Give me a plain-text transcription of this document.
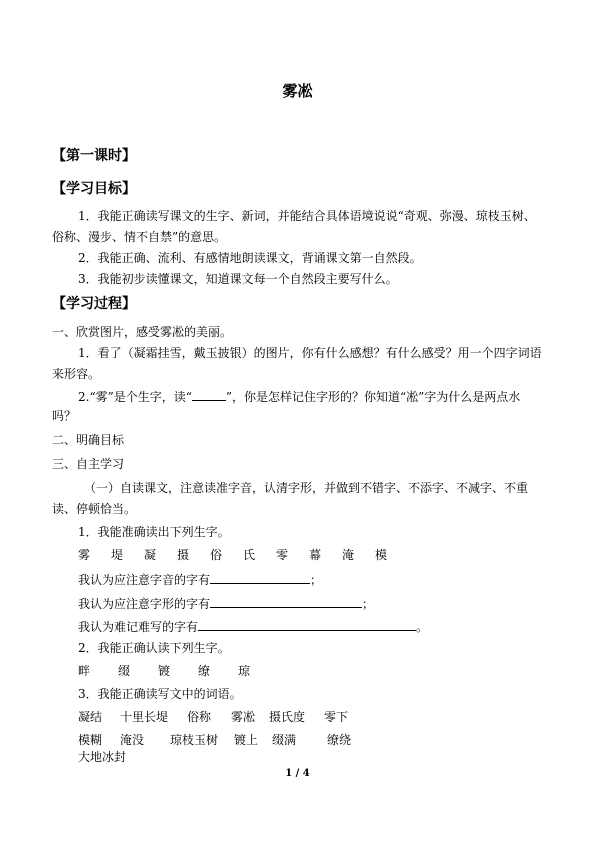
雾凇
【第一课时】
【学习目标】
1．我能正确读写课文的生字、新词，并能结合具体语境说说“奇观、弥漫、琼枝玉树、
俗称、漫步、情不自禁”的意思。
2．我能正确、流利、有感情地朗读课文，背诵课文第一自然段。
3．我能初步读懂课文，知道课文每一个自然段主要写什么。
【学习过程】
一、欣赏图片，感受雾凇的美丽。
1．看了（凝霜挂雪，戴玉披银）的图片，你有什么感想？有什么感受？用一个四字词语
来形容。
2.“雾”是个生字，读“	”，你是怎样记住字形的？你知道“凇”字为什么是两点水
吗？
二、明确目标
三、自主学习
（一）自读课文，注意读准字音，认清字形，并做到不错字、不添字、不减字、不重
读、停顿恰当。
1．我能准确读出下列生字。
雾 堤 凝 摄 俗 氏 零 幕 淹 模
我认为应注意字音的字有	；
我认为应注意字形的字有	；
我认为难记难写的字有	。
2．我能正确认读下列生字。
畔 缀 镀 缭 琼
3．我能正确读写文中的词语。
凝结 十里长堤 俗称 雾凇 摄氏度 零下
模糊 淹没 琼枝玉树 镀上 缀满	缭绕
大地冰封
1 / 4
